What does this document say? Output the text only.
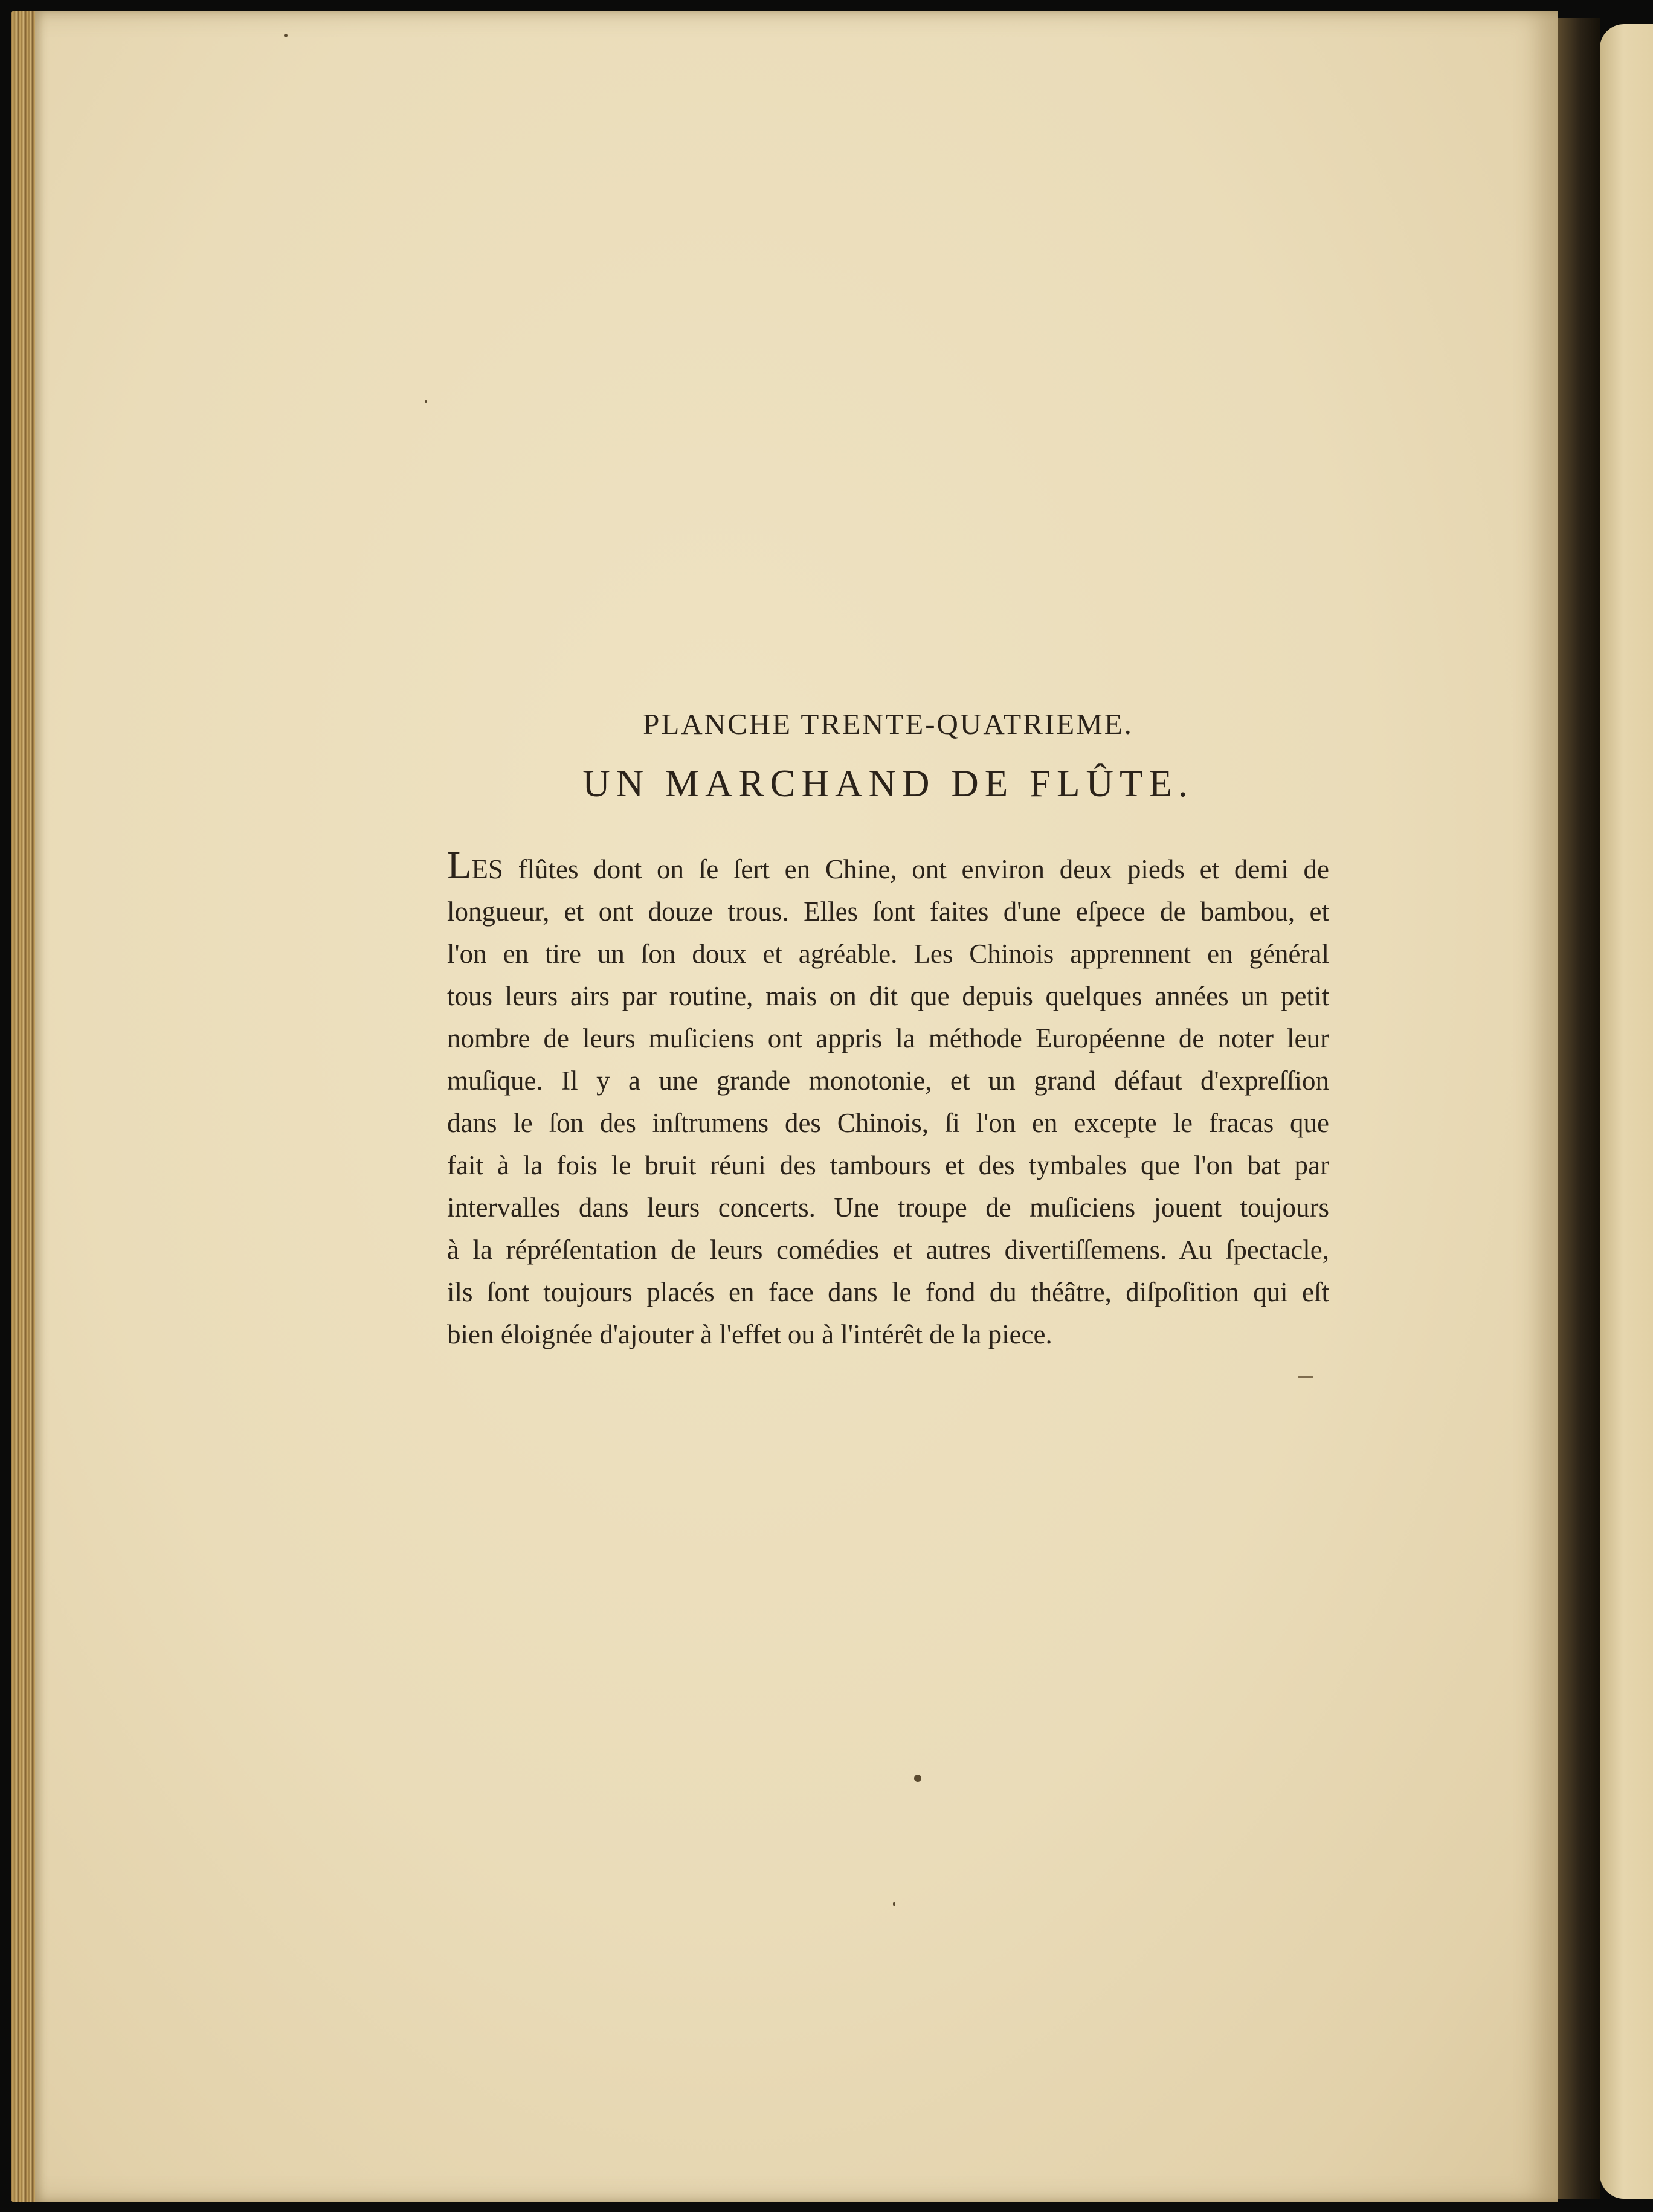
PLANCHE TRENTE-QUATRIEME.
UN MARCHAND DE FLÛTE.
LES flûtes dont on ſe ſert en Chine, ont environ deux pieds et demi de
longueur, et ont douze trous. Elles ſont faites d'une eſpece de bambou, et
l'on en tire un ſon doux et agréable. Les Chinois apprennent en général
tous leurs airs par routine, mais on dit que depuis quelques années un petit
nombre de leurs muſiciens ont appris la méthode Européenne de noter leur
muſique. Il y a une grande monotonie, et un grand défaut d'expreſſion
dans le ſon des inſtrumens des Chinois, ſi l'on en excepte le fracas que
fait à la fois le bruit réuni des tambours et des tymbales que l'on bat par
intervalles dans leurs concerts. Une troupe de muſiciens jouent toujours
à la répréſentation de leurs comédies et autres divertiſſemens. Au ſpectacle,
ils ſont toujours placés en face dans le fond du théâtre, diſpoſition qui eſt
bien éloignée d'ajouter à l'effet ou à l'intérêt de la piece.
